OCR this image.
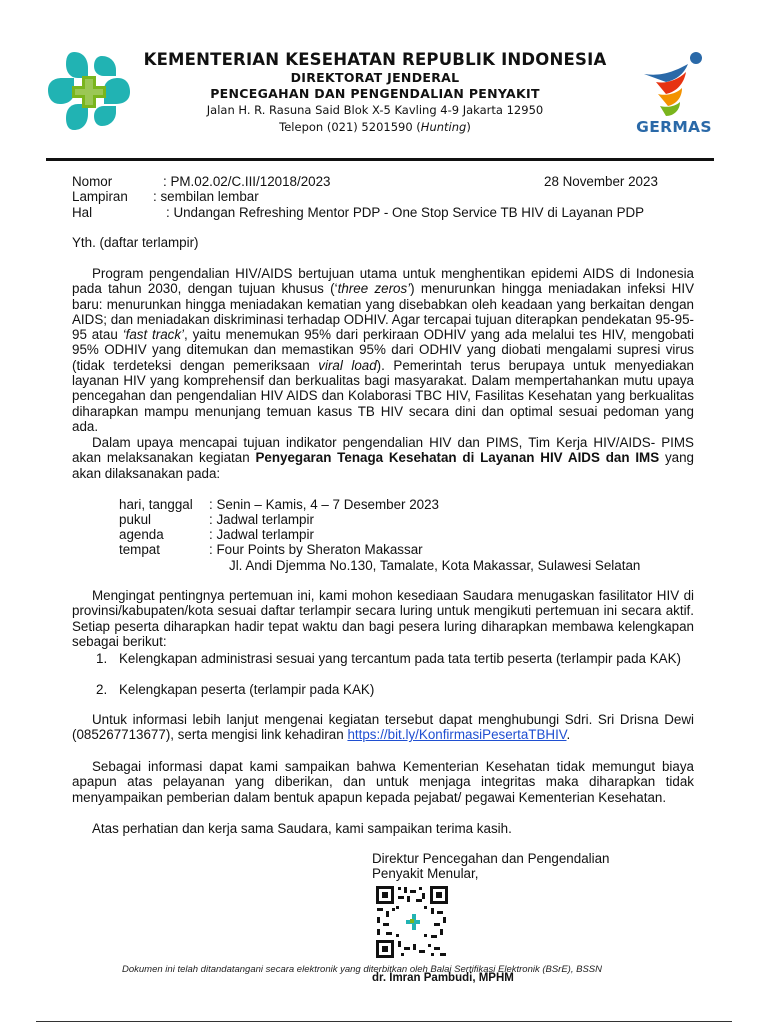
KEMENTERIAN KESEHATAN REPUBLIK INDONESIA
DIREKTORAT JENDERAL
PENCEGAHAN DAN PENGENDALIAN PENYAKIT
Jalan H. R. Rasuna Said Blok X-5 Kavling 4-9 Jakarta 12950
Telepon (021) 5201590 (Hunting)	GERMAS
Nomor	: PM.02.02/C.III/12018/2023	28 November 2023
Lampiran : sembilan lembar
Hal	: Undangan Refreshing Mentor PDP - One Stop Service TB HIV di Layanan PDP
Yth. (daftar terlampir)
Program pengendalian HIV/AIDS bertujuan utama untuk menghentikan epidemi AIDS di Indonesia pada tahun 2030, dengan tujuan khusus (‘three zeros’) menurunkan hingga meniadakan infeksi HIV baru: menurunkan hingga meniadakan kematian yang disebabkan oleh keadaan yang berkaitan dengan AIDS; dan meniadakan diskriminasi terhadap ODHIV. Agar tercapai tujuan diterapkan pendekatan 95-95-95 atau ‘fast track’, yaitu menemukan 95% dari perkiraan ODHIV yang ada melalui tes HIV, mengobati 95% ODHIV yang ditemukan dan memastikan 95% dari ODHIV yang diobati mengalami supresi virus (tidak terdeteksi dengan pemeriksaan viral load). Pemerintah terus berupaya untuk menyediakan layanan HIV yang komprehensif dan berkualitas bagi masyarakat. Dalam mempertahankan mutu upaya pencegahan dan pengendalian HIV AIDS dan Kolaborasi TBC HIV, Fasilitas Kesehatan yang berkualitas diharapkan mampu menunjang temuan kasus TB HIV secara dini dan optimal sesuai pedoman yang ada.
Dalam upaya mencapai tujuan indikator pengendalian HIV dan PIMS, Tim Kerja HIV/AIDS- PIMS akan melaksanakan kegiatan Penyegaran Tenaga Kesehatan di Layanan HIV AIDS dan IMS yang akan dilaksanakan pada:
hari, tanggal : Senin – Kamis, 4 – 7 Desember 2023
pukul	: Jadwal terlampir
agenda	: Jadwal terlampir
tempat	: Four Points by Sheraton Makassar
Jl. Andi Djemma No.130, Tamalate, Kota Makassar, Sulawesi Selatan
Mengingat pentingnya pertemuan ini, kami mohon kesediaan Saudara menugaskan fasilitator HIV di provinsi/kabupaten/kota sesuai daftar terlampir secara luring untuk mengikuti pertemuan ini secara aktif. Setiap peserta diharapkan hadir tepat waktu dan bagi pesera luring diharapkan membawa kelengkapan sebagai berikut:
1. Kelengkapan administrasi sesuai yang tercantum pada tata tertib peserta (terlampir pada KAK)
2. Kelengkapan peserta (terlampir pada KAK)
Untuk informasi lebih lanjut mengenai kegiatan tersebut dapat menghubungi Sdri. Sri Drisna Dewi (085267713677), serta mengisi link kehadiran https://bit.ly/KonfirmasiPesertaTBHIV.
Sebagai informasi dapat kami sampaikan bahwa Kementerian Kesehatan tidak memungut biaya apapun atas pelayanan yang diberikan, dan untuk menjaga integritas maka diharapkan tidak menyampaikan pemberian dalam bentuk apapun kepada pejabat/ pegawai Kementerian Kesehatan.
Atas perhatian dan kerja sama Saudara, kami sampaikan terima kasih.
Direktur Pencegahan dan Pengendalian
Penyakit Menular,
Dokumen ini telah ditandatangani secara elektronik yang diterbitkan oleh Balai Sertifikasi Elektronik (BSrE), BSSN
dr. Imran Pambudi, MPHM
